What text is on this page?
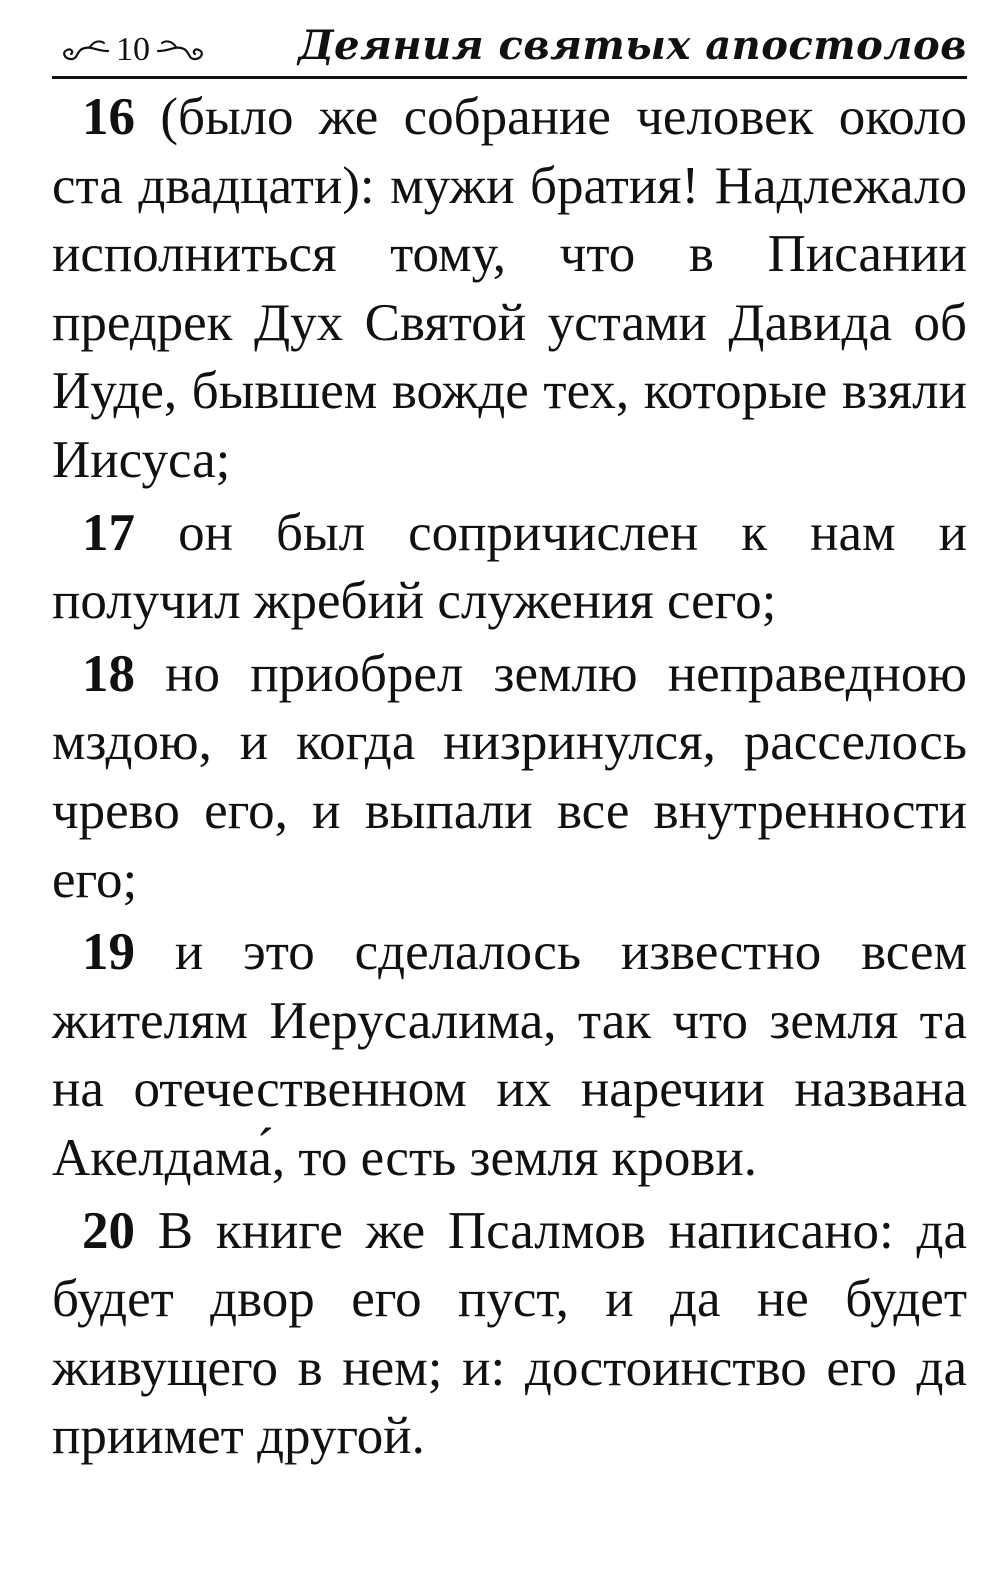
10	Деяния святых апостолов

16 (было же собрание человек около ста двадцати): мужи братия! Надлежало исполниться тому, что в Писании предрек Дух Святой устами Давида об Иуде, бывшем вожде тех, которые взяли Иисуса;

17 он был сопричислен к нам и получил жребий служения сего;

18 но приобрел землю неправедною мздою, и когда низринулся, расселось чрево его, и выпали все внутренности его;

19 и это сделалось известно всем жителям Иерусалима, так что земля та на отечественном их наречии названа Акелдама́, то есть земля крови.

20 В книге же Псалмов написано: да будет двор его пуст, и да не будет живущего в нем; и: достоинство его да приимет другой.
